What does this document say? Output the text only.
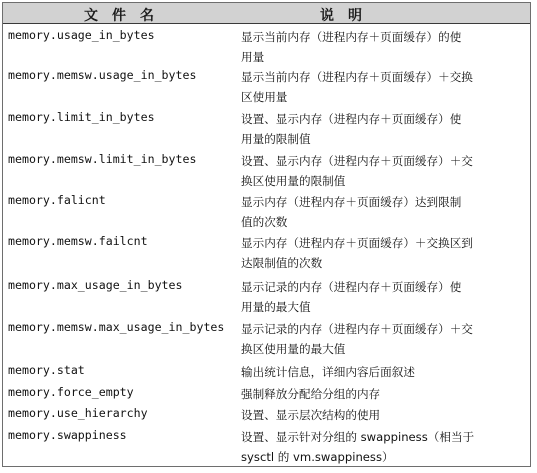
文件名	说明
memory.usage_in_bytes	显示当前内存（进程内存＋页面缓存）的使
用量
memory.memsw.usage_in_bytes	显示当前内存（进程内存＋页面缓存）＋交换
区使用量
memory.limit_in_bytes	设置、显示内存（进程内存＋页面缓存）使
用量的限制值
memory.memsw.limit_in_bytes	设置、显示内存（进程内存＋页面缓存）＋交
换区使用量的限制值
memory.falicnt	显示内存（进程内存＋页面缓存）达到限制
值的次数
memory.memsw.failcnt	显示内存（进程内存＋页面缓存）＋交换区到
达限制值的次数
memory.max_usage_in_bytes	显示记录的内存（进程内存＋页面缓存）使
用量的最大值
memory.memsw.max_usage_in_bytes 显示记录的内存（进程内存＋页面缓存）＋交
换区使用量的最大值
memory.stat	输出统计信息，详细内容后面叙述
memory.force_empty	强制释放分配给分组的内存
memory.use_hierarchy	设置、显示层次结构的使用
memory.swappiness	设置、显示针对分组的 swappiness（相当于
sysctl 的 vm.swappiness）
